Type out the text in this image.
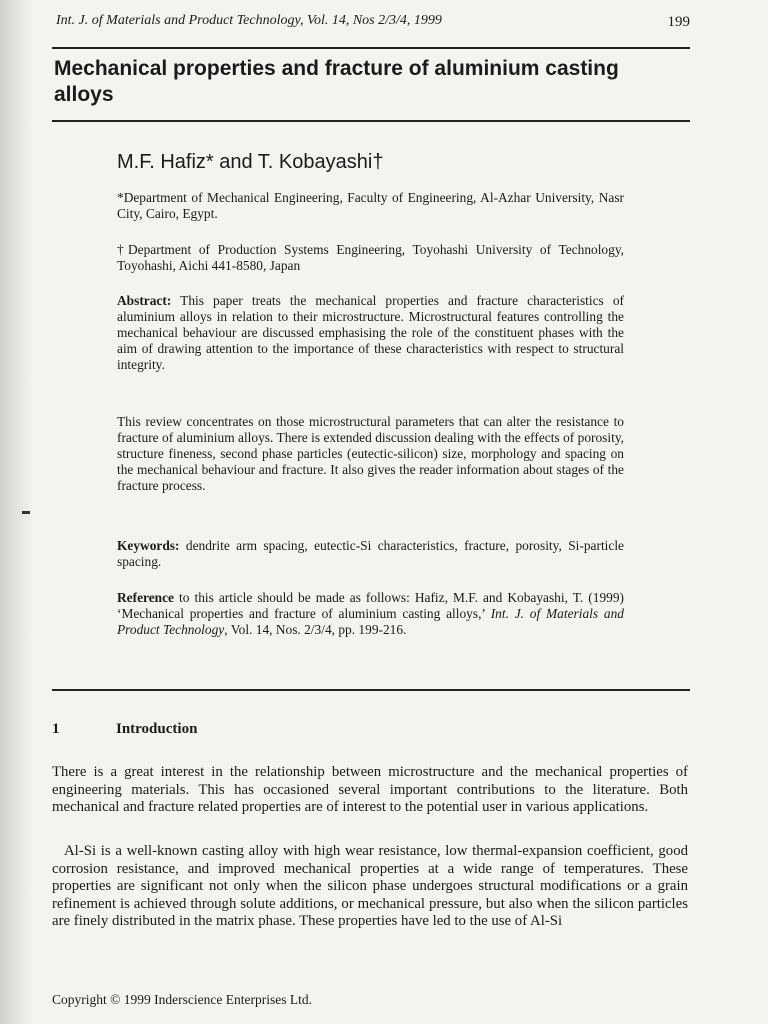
Int. J. of Materials and Product Technology, Vol. 14, Nos 2/3/4, 1999	199
Mechanical properties and fracture of aluminium casting alloys
M.F. Hafiz* and T. Kobayashi†

*Department of Mechanical Engineering, Faculty of Engineering, Al-Azhar University, Nasr City, Cairo, Egypt.

†Department of Production Systems Engineering, Toyohashi University of Technology, Toyohashi, Aichi 441-8580, Japan

Abstract: This paper treats the mechanical properties and fracture characteristics of aluminium alloys in relation to their microstructure. Microstructural features controlling the mechanical behaviour are discussed emphasising the role of the constituent phases with the aim of drawing attention to the importance of these characteristics with respect to structural integrity.

This review concentrates on those microstructural parameters that can alter the resistance to fracture of aluminium alloys. There is extended discussion dealing with the effects of porosity, structure fineness, second phase particles (eutectic-silicon) size, morphology and spacing on the mechanical behaviour and fracture. It also gives the reader information about stages of the fracture process.

Keywords: dendrite arm spacing, eutectic-Si characteristics, fracture, porosity, Si-particle spacing.

Reference to this article should be made as follows: Hafiz, M.F. and Kobayashi, T. (1999) ‘Mechanical properties and fracture of aluminium casting alloys,’ Int. J. of Materials and Product Technology, Vol. 14, Nos. 2/3/4, pp. 199-216.

1	Introduction

There is a great interest in the relationship between microstructure and the mechanical properties of engineering materials. This has occasioned several important contributions to the literature. Both mechanical and fracture related properties are of interest to the potential user in various applications.

Al-Si is a well-known casting alloy with high wear resistance, low thermal-expansion coefficient, good corrosion resistance, and improved mechanical properties at a wide range of temperatures. These properties are significant not only when the silicon phase undergoes structural modifications or a grain refinement is achieved through solute additions, or mechanical pressure, but also when the silicon particles are finely distributed in the matrix phase. These properties have led to the use of Al-Si

Copyright © 1999 Inderscience Enterprises Ltd.
